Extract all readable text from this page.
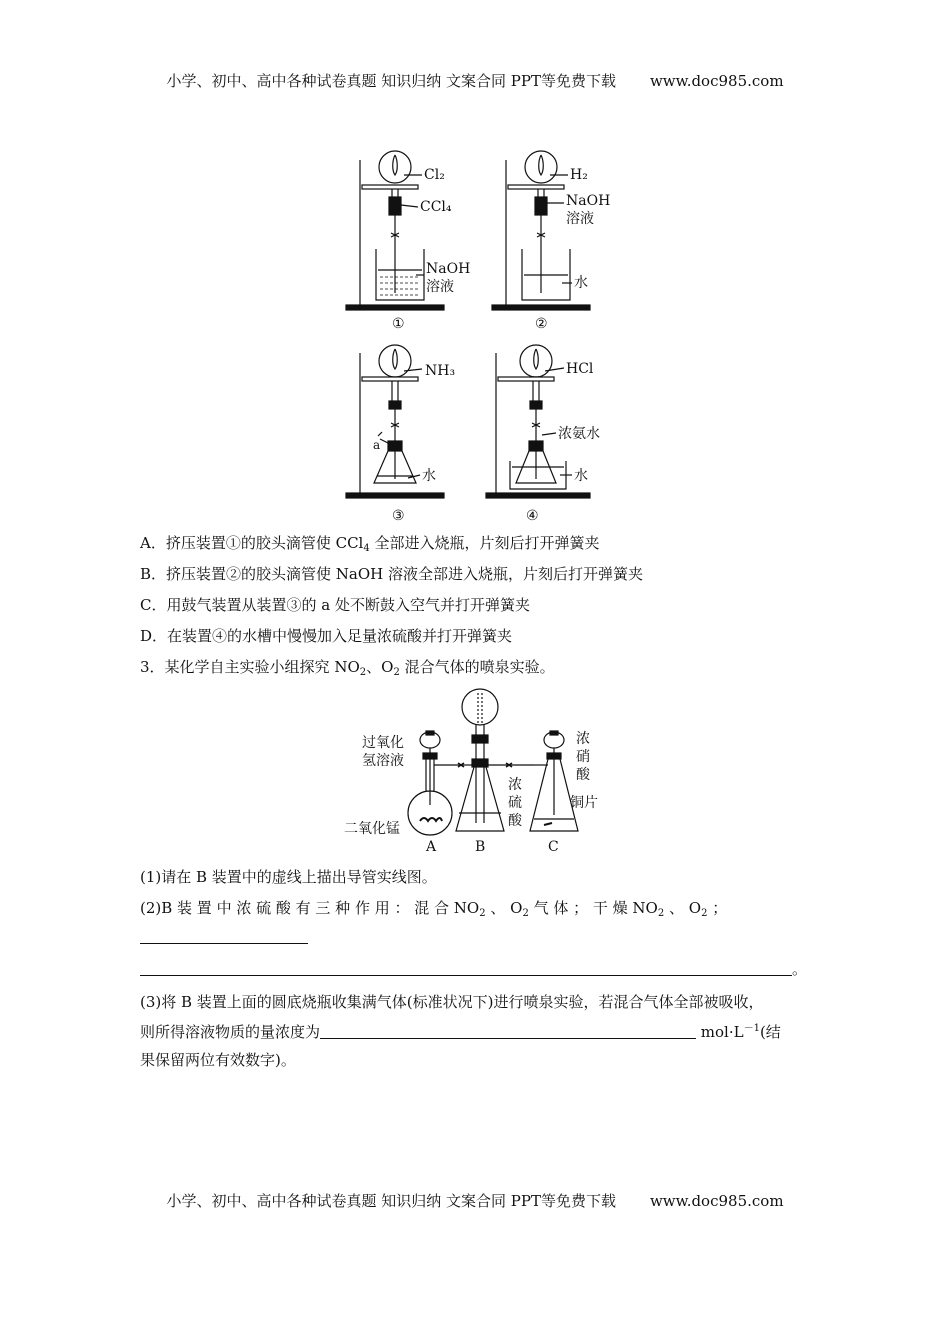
小学、初中、高中各种试卷真题 知识归纳 文案合同 PPT等免费下载 www.doc985.com
Cl₂
CCl₄
NaOH
溶液
①
H₂
NaOH
溶液
水
②
NH₃
a
水
③
HCl
浓氨水
水
④
A．挤压装置①的胶头滴管使 CCl$_4$ 全部进入烧瓶，片刻后打开弹簧夹
B．挤压装置②的胶头滴管使 NaOH 溶液全部进入烧瓶，片刻后打开弹簧夹
C．用鼓气装置从装置③的 a 处不断鼓入空气并打开弹簧夹
D．在装置④的水槽中慢慢加入足量浓硫酸并打开弹簧夹
3．某化学自主实验小组探究 $NO_2$、$O_2$ 混合气体的喷泉实验。
过氧化
氢溶液
二氧化锰
浓
硝
酸
浓
硫
酸
铜片
A	B	C
(1)请在 B 装置中的虚线上描出导管实线图。
(2)B 装 置 中 浓 硫 酸 有 三 种 作 用 ： 混 合 $NO_2$ 、 $O_2$ 气 体 ； 干 燥 $NO_2$ 、 $O_2$ ；
。
(3)将 B 装置上面的圆底烧瓶收集满气体(标准状况下)进行喷泉实验，若混合气体全部被吸收，
则所得溶液物质的量浓度为	$mol\cdot L^{-1}$(结
果保留两位有效数字)。
小学、初中、高中各种试卷真题 知识归纳 文案合同 PPT等免费下载 www.doc985.com
